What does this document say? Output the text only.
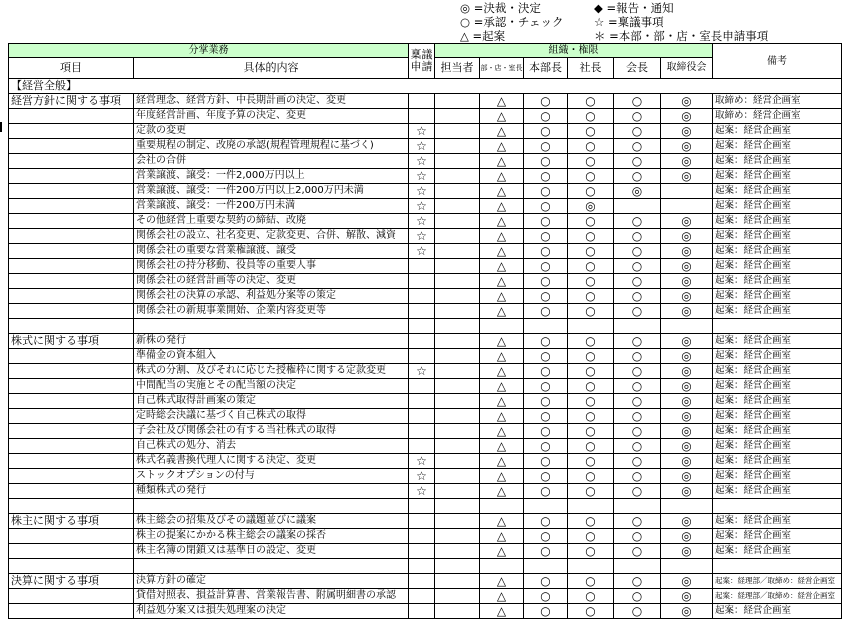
◎ =決裁・決定
○ =承認・チェック
△ =起案
◆ =報告・通知
☆ =稟議事項
＊ =本部・部・店・室長申請事項
分掌業務		稟議
申請	組織・権限						備考
項目	具体的内容		担当者	部・店・室長	本部長	社長	会長	取締役会	
【経営全般】									
経営方針に関する事項	経営理念、経営方針、中長期計画の決定、変更			△	○	○	○	◎	取締め：経営企画室
	年度経営計画、年度予算の決定、変更			△	○	○	○	◎	取締め：経営企画室
	定款の変更	☆		△	○	○	○	◎	起案：経営企画室
	重要規程の制定、改廃の承認(規程管理規程に基づく)	☆		△	○	○	○	◎	起案：経営企画室
	会社の合併	☆		△	○	○	○	◎	起案：経営企画室
	営業譲渡、譲受：一件2,000万円以上	☆		△	○	○	○	◎	起案：経営企画室
	営業譲渡、譲受：一件200万円以上2,000万円未満	☆		△	○	○	◎		起案：経営企画室
	営業譲渡、譲受：一件200万円未満	☆		△	○	◎			起案：経営企画室
	その他経営上重要な契約の締結、改廃	☆		△	○	○	○	◎	起案：経営企画室
	関係会社の設立、社名変更、定款変更、合併、解散、減資	☆		△	○	○	○	◎	起案：経営企画室
	関係会社の重要な営業権譲渡、譲受	☆		△	○	○	○	◎	起案：経営企画室
	関係会社の持分移動、役員等の重要人事			△	○	○	○	◎	起案：経営企画室
	関係会社の経営計画等の決定、変更			△	○	○	○	◎	起案：経営企画室
	関係会社の決算の承認、利益処分案等の策定			△	○	○	○	◎	起案：経営企画室
	関係会社の新規事業開始、企業内容変更等			△	○	○	○	◎	起案：経営企画室

株式に関する事項	新株の発行			△	○	○	○	◎	起案：経営企画室
	準備金の資本組入			△	○	○	○	◎	起案：経営企画室
	株式の分割、及びそれに応じた授権枠に関する定款変更	☆		△	○	○	○	◎	起案：経営企画室
	中間配当の実施とその配当額の決定			△	○	○	○	◎	起案：経営企画室
	自己株式取得計画案の策定			△	○	○	○	◎	起案：経営企画室
	定時総会決議に基づく自己株式の取得			△	○	○	○	◎	起案：経営企画室
	子会社及び関係会社の有する当社株式の取得			△	○	○	○	◎	起案：経営企画室
	自己株式の処分、消去			△	○	○	○	◎	起案：経営企画室
	株式名義書換代理人に関する決定、変更	☆		△	○	○	○	◎	起案：経営企画室
	ストックオプションの付与	☆		△	○	○	○	◎	起案：経営企画室
	種類株式の発行	☆		△	○	○	○	◎	起案：経営企画室

株主に関する事項	株主総会の招集及びその議題並びに議案			△	○	○	○	◎	起案：経営企画室
	株主の提案にかかる株主総会の議案の採否			△	○	○	○	◎	起案：経営企画室
	株主名簿の閉鎖又は基準日の設定、変更			△	○	○	○	◎	起案：経営企画室

決算に関する事項	決算方針の確定			△	○	○	○	◎	起案：経理部／取締め：経営企画室
	貸借対照表、損益計算書、営業報告書、附属明細書の承認			△	○	○	○	◎	起案：経理部／取締め：経営企画室
	利益処分案又は損失処理案の決定			△	○	○	○	◎	起案：経営企画室
